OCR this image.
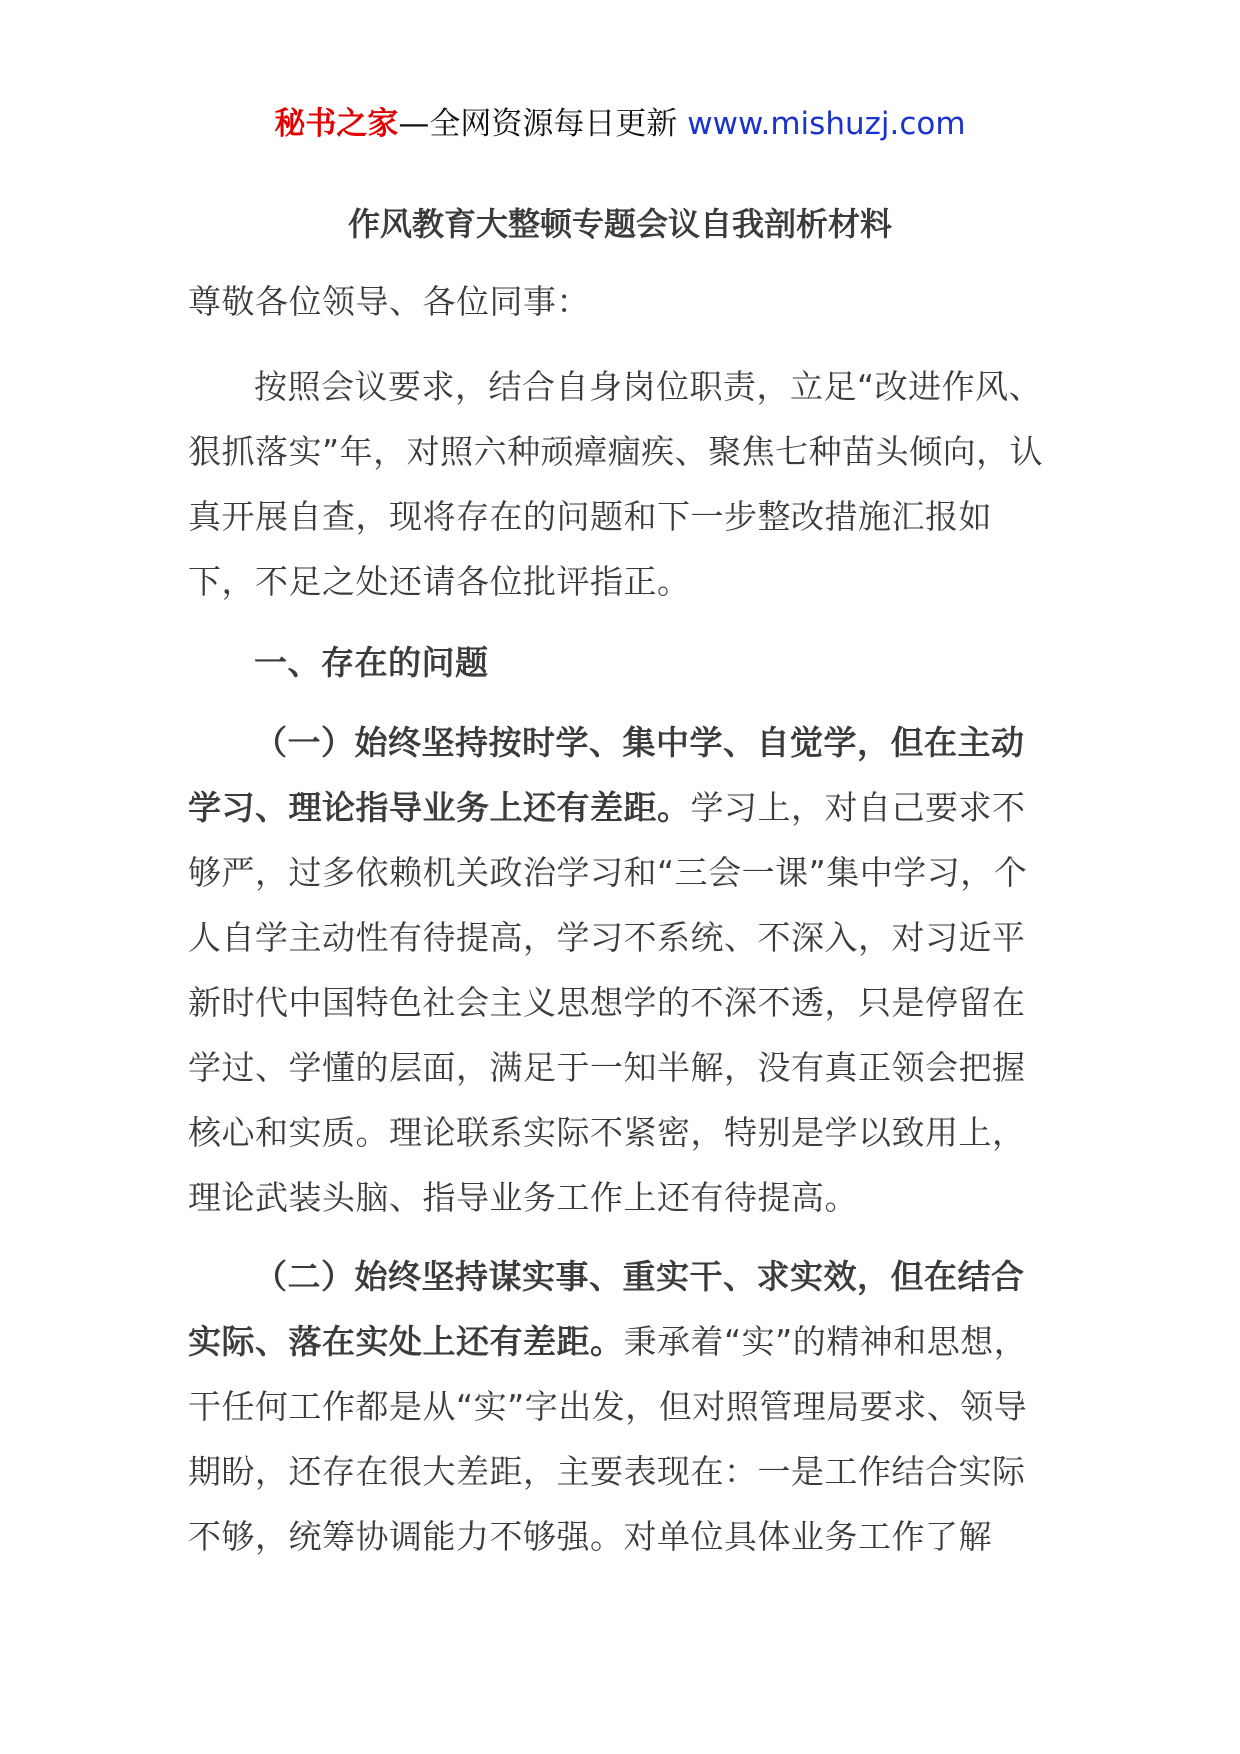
秘书之家—全网资源每日更新 www.mishuzj.com
作风教育大整顿专题会议自我剖析材料

尊敬各位领导、各位同事：

按照会议要求，结合自身岗位职责，立足“改进作风、狠抓落实”年，对照六种顽瘴痼疾、聚焦七种苗头倾向，认真开展自查，现将存在的问题和下一步整改措施汇报如下，不足之处还请各位批评指正。

一、存在的问题

（一）始终坚持按时学、集中学、自觉学，但在主动学习、理论指导业务上还有差距。学习上，对自己要求不够严，过多依赖机关政治学习和“三会一课”集中学习，个人自学主动性有待提高，学习不系统、不深入，对习近平新时代中国特色社会主义思想学的不深不透，只是停留在学过、学懂的层面，满足于一知半解，没有真正领会把握核心和实质。理论联系实际不紧密，特别是学以致用上，理论武装头脑、指导业务工作上还有待提高。

（二）始终坚持谋实事、重实干、求实效，但在结合实际、落在实处上还有差距。秉承着“实”的精神和思想，干任何工作都是从“实”字出发，但对照管理局要求、领导期盼，还存在很大差距，主要表现在：一是工作结合实际不够，统筹协调能力不够强。对单位具体业务工作了解
